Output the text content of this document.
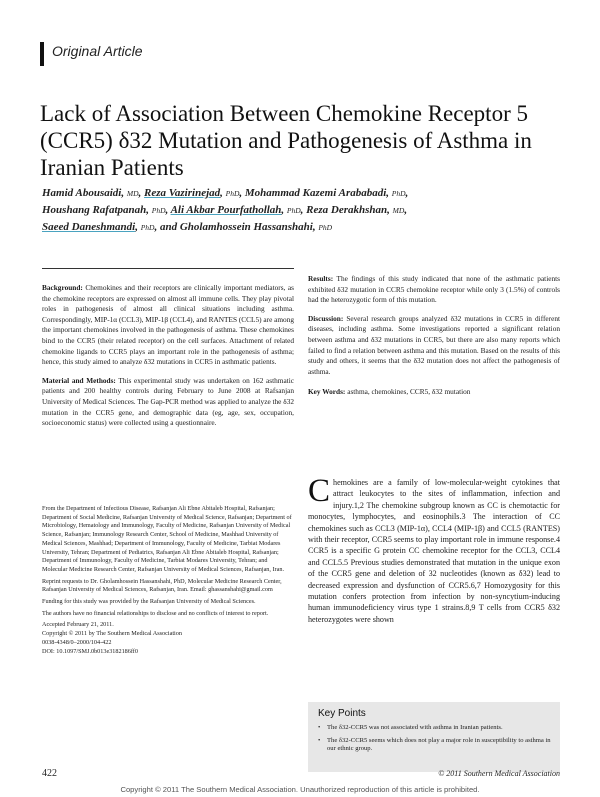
Original Article
Lack of Association Between Chemokine Receptor 5 (CCR5) δ32 Mutation and Pathogenesis of Asthma in Iranian Patients
Hamid Abousaidi, MD, Reza Vazirinejad, PhD, Mohammad Kazemi Arababadi, PhD,
Houshang Rafatpanah, PhD, Ali Akbar Pourfathollah, PhD, Reza Derakhshan, MD,
Saeed Daneshmandi, PhD, and Gholamhossein Hassanshahi, PhD

Background: Chemokines and their receptors are clinically important mediators, as the chemokine receptors are expressed on almost all immune cells. They play pivotal roles in pathogenesis of almost all clinical situations including asthma. Correspondingly, MIP-1α (CCL3), MIP-1β (CCL4), and RANTES (CCL5) are among the important chemokines involved in the pathogenesis of asthma. These chemokines bind to the CCR5 (their related receptor) on the cell surfaces. Attachment of related chemokine ligands to CCR5 plays an important role in the pathogenesis of asthma; hence, this study aimed to analyze δ32 mutations in CCR5 in asthmatic patients.

Material and Methods: This experimental study was undertaken on 162 asthmatic patients and 200 healthy controls during February to June 2008 at Rafsanjan University of Medical Sciences. The Gap-PCR method was applied to analyze the δ32 mutation in the CCR5 gene, and demographic data (eg, age, sex, occupation, socioeconomic status) were collected using a questionnaire.

Results: The findings of this study indicated that none of the asthmatic patients exhibited δ32 mutation in CCR5 chemokine receptor while only 3 (1.5%) of controls had the heterozygotic form of this mutation.

Discussion: Several research groups analyzed δ32 mutations in CCR5 in different diseases, including asthma. Some investigations reported a significant relation between asthma and δ32 mutations in CCR5, but there are also many reports which failed to find a relation between asthma and this mutation. Based on the results of this study and others, it seems that the δ32 mutation does not affect the pathogenesis of asthma.

Key Words: asthma, chemokines, CCR5, δ32 mutation

From the Department of Infectious Disease, Rafsanjan Ali Ebne Abitaleb Hospital, Rafsanjan; Department of Social Medicine, Rafsanjan University of Medical Science, Rafsanjan; Department of Microbiology, Hematology and Immunology, Faculty of Medicine, Rafsanjan University of Medical Science, Rafsanjan; Immunology Research Center, School of Medicine, Mashhad University of Medical Sciences, Mashhad; Department of Immunology, Faculty of Medicine, Tarbiat Modares University, Tehran; Department of Pediatrics, Rafsanjan Ali Ebne Abitaleb Hospital, Rafsanjan; Department of Immunology, Faculty of Medicine, Tarbiat Modares University, Tehran; and Molecular Medicine Research Center, Rafsanjan University of Medical Sciences, Rafsanjan, Iran.

Reprint requests to Dr. Gholamhossein Hassanshahi, PhD, Molecular Medicine Research Center, Rafsanjan University of Medical Sciences, Rafsanjan, Iran. Email: ghassanshahi@gmail.com

Funding for this study was provided by the Rafsanjan University of Medical Sciences.

The authors have no financial relationships to disclose and no conflicts of interest to report.

Accepted February 21, 2011.

Copyright © 2011 by The Southern Medical Association

0038-4348/0–2000/104-422

DOI: 10.1097/SMJ.0b013e3182186ff0

Chemokines are a family of low-molecular-weight cytokines that attract leukocytes to the sites of inflammation, infection and injury.1,2 The chemokine subgroup known as CC is chemotactic for monocytes, lymphocytes, and eosinophils.3 The interaction of CC chemokines such as CCL3 (MIP-1α), CCL4 (MIP-1β) and CCL5 (RANTES) with their receptor, CCR5 seems to play important role in immune response.4 CCR5 is a specific G protein CC chemokine receptor for the CCL3, CCL4 and CCL5.5 Previous studies demonstrated that mutation in the unique exon of the CCR5 gene and deletion of 32 nucleotides (known as δ32) lead to decreased expression and dysfunction of CCR5.6,7 Homozygosity for this mutation confers protection from infection by non-syncytium-inducing human immunodeficiency virus type 1 strains.8,9 T cells from CCR5 δ32 heterozygotes were shown

Key Points
• The δ32-CCR5 was not associated with asthma in Iranian patients.
• The δ32-CCR5 seems which does not play a major role in susceptibility to asthma in our ethnic group.
422	© 2011 Southern Medical Association
Copyright © 2011 The Southern Medical Association. Unauthorized reproduction of this article is prohibited.
